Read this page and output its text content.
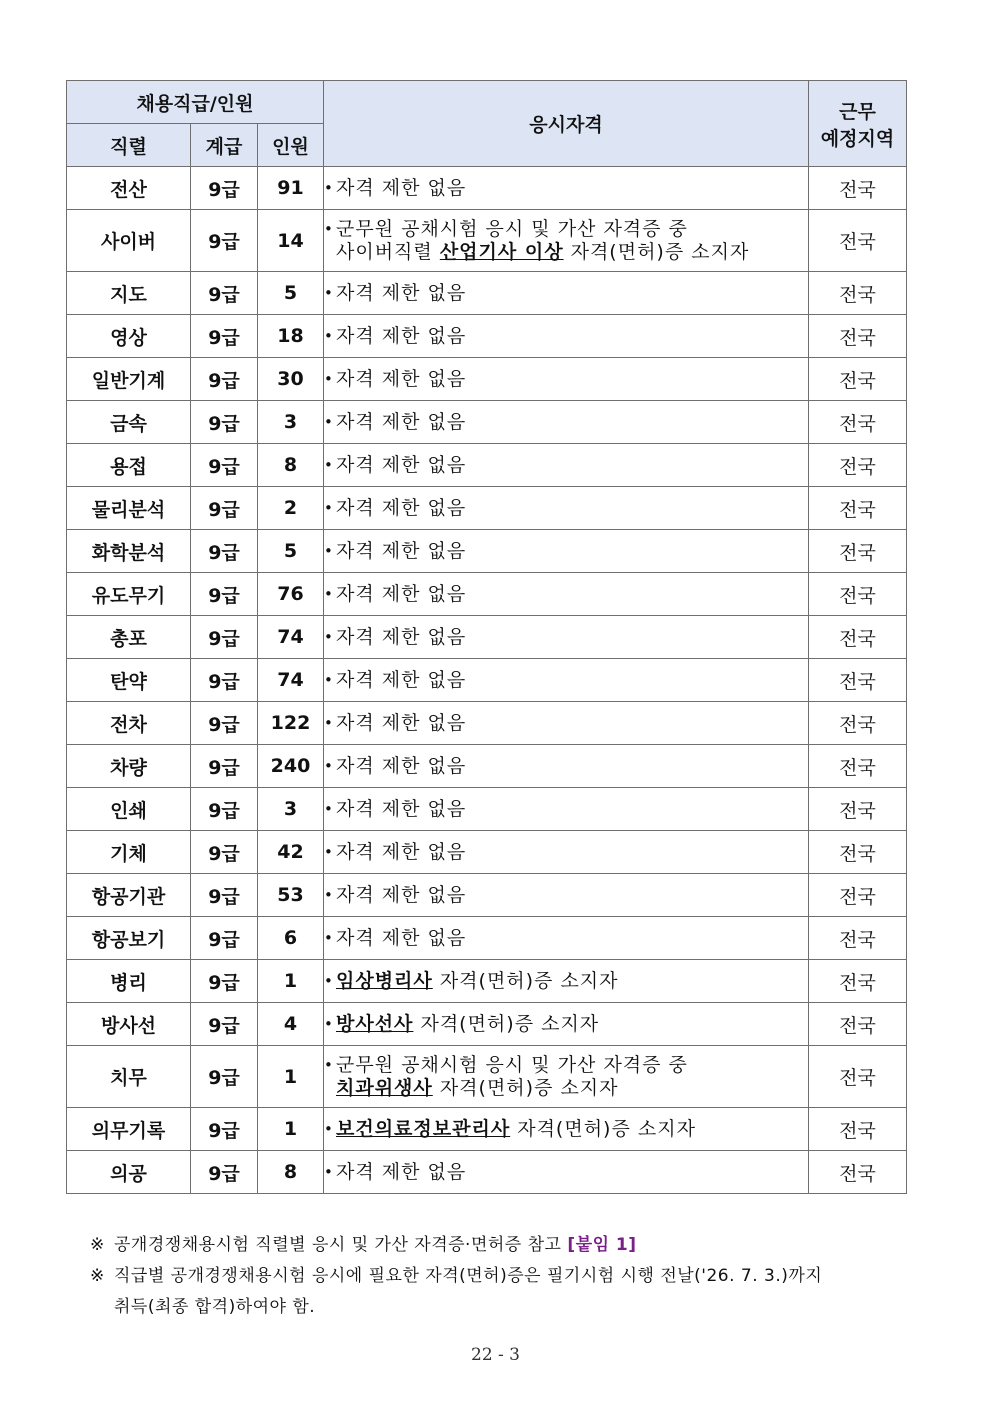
채용직급/인원			응시자격	근무
예정지역

직렬	계급	인원		
전산	9급	91	• 자격 제한 없음	전국
사이버	9급	14	• 군무원 공채시험 응시 및 가산 자격증 중
사이버직렬 산업기사 이상 자격(면허)증 소지자	전국
지도	9급	5	• 자격 제한 없음	전국
영상	9급	18	• 자격 제한 없음	전국
일반기계	9급	30	• 자격 제한 없음	전국
금속	9급	3	• 자격 제한 없음	전국
용접	9급	8	• 자격 제한 없음	전국
물리분석	9급	2	• 자격 제한 없음	전국
화학분석	9급	5	• 자격 제한 없음	전국
유도무기	9급	76	• 자격 제한 없음	전국
총포	9급	74	• 자격 제한 없음	전국
탄약	9급	74	• 자격 제한 없음	전국
전차	9급	122	• 자격 제한 없음	전국
차량	9급	240	• 자격 제한 없음	전국
인쇄	9급	3	• 자격 제한 없음	전국
기체	9급	42	• 자격 제한 없음	전국
항공기관	9급	53	• 자격 제한 없음	전국
항공보기	9급	6	• 자격 제한 없음	전국
병리	9급	1	• 임상병리사 자격(면허)증 소지자	전국
방사선	9급	4	• 방사선사 자격(면허)증 소지자	전국
치무	9급	1	• 군무원 공채시험 응시 및 가산 자격증 중
치과위생사 자격(면허)증 소지자	전국
의무기록	9급	1	• 보건의료정보관리사 자격(면허)증 소지자	전국
의공	9급	8	• 자격 제한 없음	전국
※ 공개경쟁채용시험 직렬별 응시 및 가산 자격증·면허증 참고 [붙임 1]
※ 직급별 공개경쟁채용시험 응시에 필요한 자격(면허)증은 필기시험 시행 전날('26. 7. 3.)까지
취득(최종 합격)하여야 함.
22 - 3
